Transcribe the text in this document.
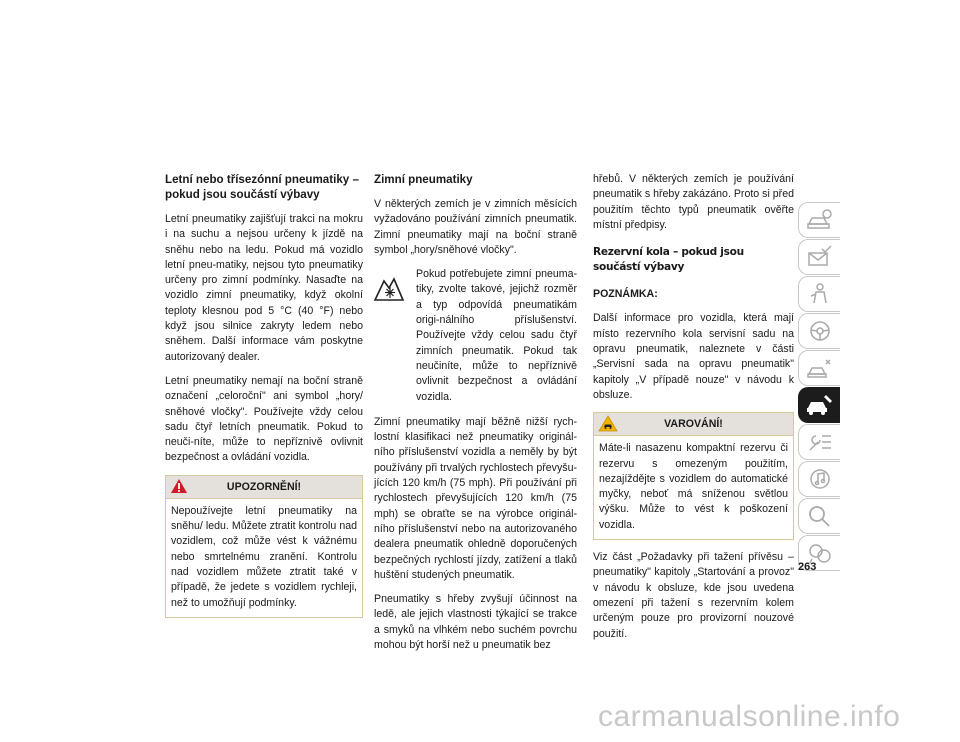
Letní nebo třísezónní pneumatiky – pokud jsou součástí výbavy

Letní pneumatiky zajišťují trakci na mokru i na suchu a nejsou určeny k jízdě na sněhu nebo na ledu. Pokud má vozidlo letní pneu-matiky, nejsou tyto pneumatiky určeny pro zimní podmínky. Nasaďte na vozidlo zimní pneumatiky, když okolní teploty klesnou pod 5 °C (40 °F) nebo když jsou silnice zakryty ledem nebo sněhem. Další informace vám poskytne autorizovaný dealer.

Letní pneumatiky nemají na boční straně označení „celoroční" ani symbol „hory/ sněhové vločky". Používejte vždy celou sadu čtyř letních pneumatik. Pokud to neuči-níte, může to nepříznivě ovlivnit bezpečnost a ovládání vozidla.

UPOZORNĚNÍ!
Nepoužívejte letní pneumatiky na sněhu/ ledu. Můžete ztratit kontrolu nad vozidlem, což může vést k vážnému nebo smrtelnému zranění. Kontrolu nad vozidlem můžete ztratit také v případě, že jedete s vozidlem rychleji, než to umožňují podmínky.
Zimní pneumatiky

V některých zemích je v zimních měsících vyžadováno používání zimních pneumatik. Zimní pneumatiky mají na boční straně symbol „hory/sněhové vločky".

Pokud potřebujete zimní pneuma-tiky, zvolte takové, jejichž rozměr a typ odpovídá pneumatikám origi-nálního příslušenství. Používejte vždy celou sadu čtyř zimních pneumatik. Pokud tak neučiníte, může to nepříznivě ovlivnit bezpečnost a ovládání vozidla.

Zimní pneumatiky mají běžně nižší rych-lostní klasifikaci než pneumatiky originál-ního příslušenství vozidla a neměly by být používány při trvalých rychlostech převyšu-jících 120 km/h (75 mph). Při používání při rychlostech převyšujících 120 km/h (75 mph) se obraťte se na výrobce originál-ního příslušenství nebo na autorizovaného dealera pneumatik ohledně doporučených bezpečných rychlostí jízdy, zatížení a tlaků huštění studených pneumatik.

Pneumatiky s hřeby zvyšují účinnost na ledě, ale jejich vlastnosti týkající se trakce a smyků na vlhkém nebo suchém povrchu mohou být horší než u pneumatik bez

hřebů. V některých zemích je používání pneumatik s hřeby zakázáno. Proto si před použitím těchto typů pneumatik ověřte místní předpisy.

Rezervní kola – pokud jsou součástí výbavy

POZNÁMKA:

Další informace pro vozidla, která mají místo rezervního kola servisní sadu na opravu pneumatik, naleznete v části „Servisní sada na opravu pneumatik" kapitoly „V případě nouze" v návodu k obsluze.

VAROVÁNÍ!
Máte-li nasazenu kompaktní rezervu či rezervu s omezeným použitím, nezajíždějte s vozidlem do automatické myčky, neboť má sníženou světlou výšku. Může to vést k poškození vozidla.

Viz část „Požadavky při tažení přívěsu – pneumatiky" kapitoly „Startování a provoz" v návodu k obsluze, kde jsou uvedena omezení při tažení s rezervním kolem určeným pouze pro provizorní nouzové použití.

263
carmanualsonline.info
